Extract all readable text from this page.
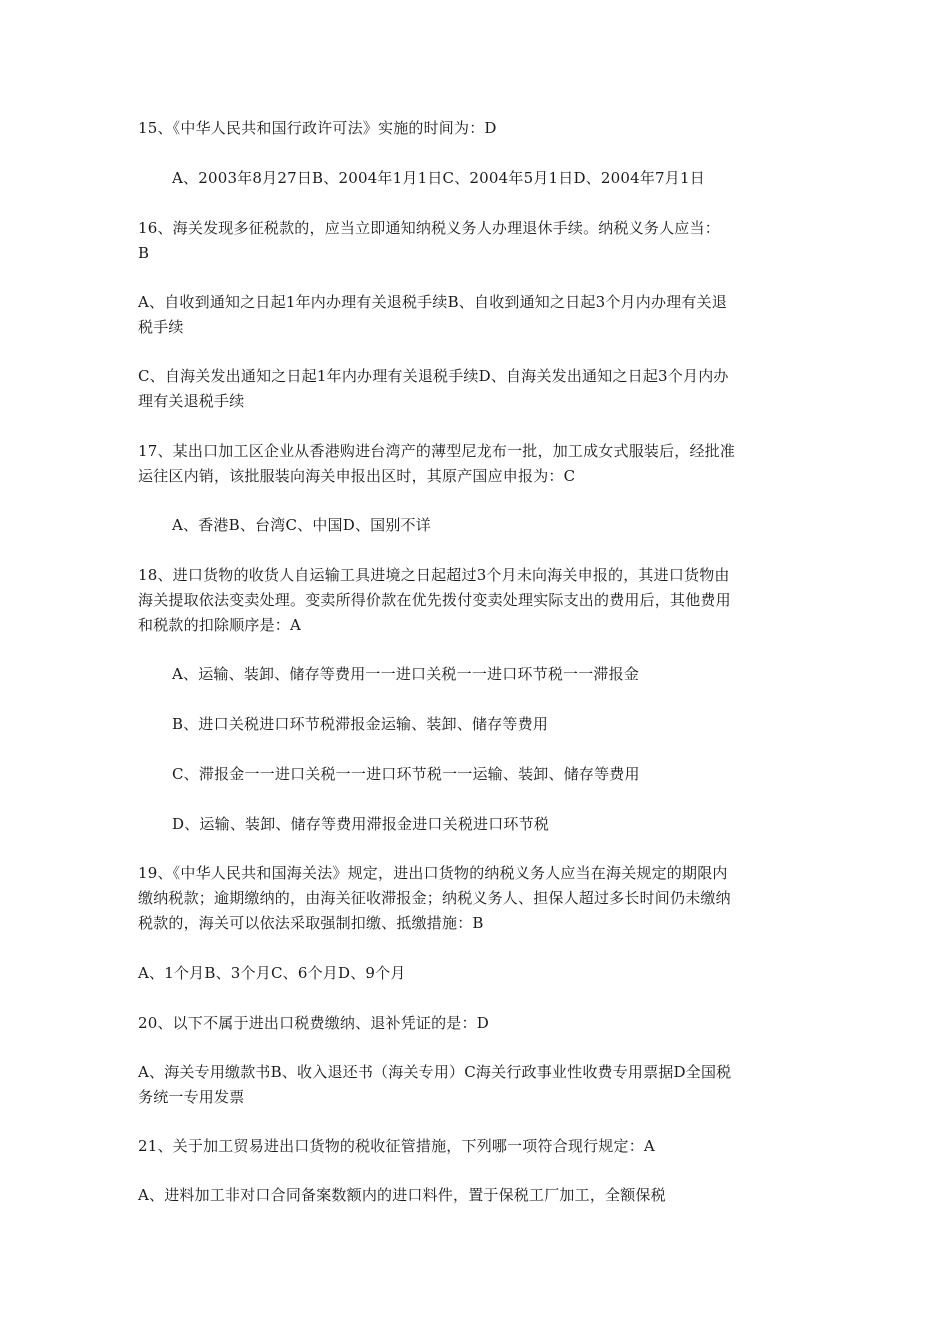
15、《中华人民共和国行政许可法》实施的时间为：D
A、2003年8月27日B、2004年1月1日C、2004年5月1日D、2004年7月1日
16、海关发现多征税款的，应当立即通知纳税义务人办理退休手续。纳税义务人应当：
B
A、自收到通知之日起1年内办理有关退税手续B、自收到通知之日起3个月内办理有关退
税手续
C、自海关发出通知之日起1年内办理有关退税手续D、自海关发出通知之日起3个月内办
理有关退税手续
17、某出口加工区企业从香港购进台湾产的薄型尼龙布一批，加工成女式服装后，经批准
运往区内销，该批服装向海关申报出区时，其原产国应申报为：C
A、香港B、台湾C、中国D、国别不详
18、进口货物的收货人自运输工具进境之日起超过3个月未向海关申报的，其进口货物由
海关提取依法变卖处理。变卖所得价款在优先拨付变卖处理实际支出的费用后，其他费用
和税款的扣除顺序是：A
A、运输、装卸、储存等费用一一进口关税一一进口环节税一一滞报金
B、进口关税进口环节税滞报金运输、装卸、储存等费用
C、滞报金一一进口关税一一进口环节税一一运输、装卸、储存等费用
D、运输、装卸、储存等费用滞报金进口关税进口环节税
19、《中华人民共和国海关法》规定，进出口货物的纳税义务人应当在海关规定的期限内
缴纳税款；逾期缴纳的，由海关征收滞报金；纳税义务人、担保人超过多长时间仍未缴纳
税款的，海关可以依法采取强制扣缴、抵缴措施：B
A、1个月B、3个月C、6个月D、9个月
20、以下不属于进出口税费缴纳、退补凭证的是：D
A、海关专用缴款书B、收入退还书（海关专用）C海关行政事业性收费专用票据D全国税
务统一专用发票
21、关于加工贸易进出口货物的税收征管措施，下列哪一项符合现行规定：A
A、进料加工非对口合同备案数额内的进口料件，置于保税工厂加工，全额保税
